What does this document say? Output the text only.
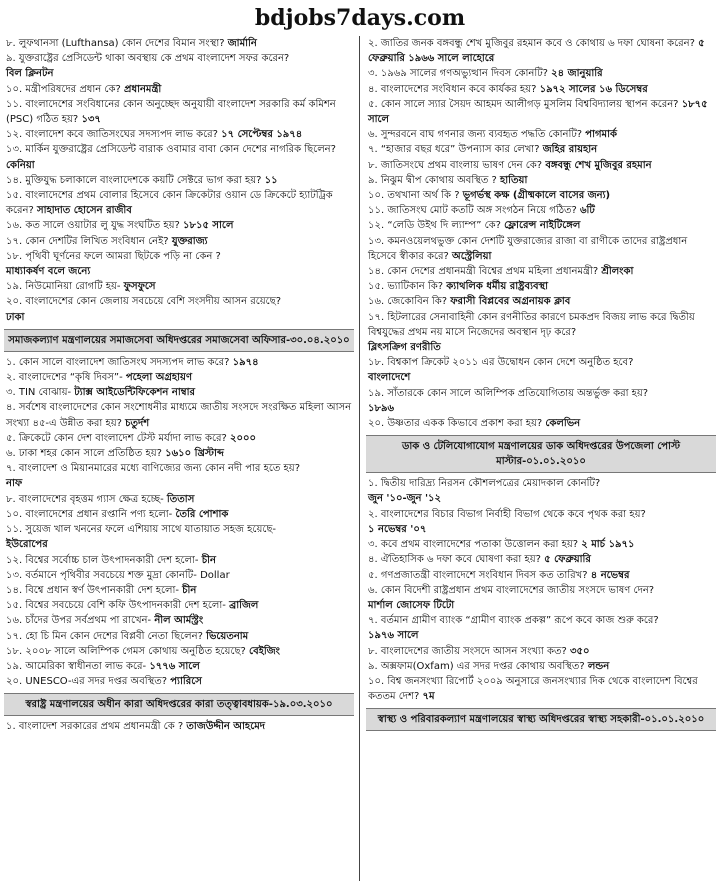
bdjobs7days.com

৮. লুফথানসা (Lufthansa) কোন দেশের বিমান সংস্থা? জার্মানি

৯. যুক্তরাষ্ট্রের প্রেসিডেন্ট থাকা অবস্থায় কে প্রথম বাংলাদেশ সফর করেন?

বিল ক্লিনটন

১০. মন্ত্রীপরিষদের প্রধান কে? প্রধানমন্ত্রী

১১. বাংলাদেশের সংবিধানের কোন অনুচ্ছেদ অনুযায়ী বাংলাদেশ সরকারি কর্ম কমিশন (PSC) গঠিত হয়? ১৩৭

১২. বাংলাদেশ কবে জাতিসংঘের সদস্যপদ লাভ করে? ১৭ সেপ্টেম্বর ১৯৭৪

১৩. মার্কিন যুক্তরাষ্ট্রের প্রেসিডেন্ট বারাক ওবামার বাবা কোন দেশের নাগরিক ছিলেন? কেনিয়া

১৪. মুক্তিযুদ্ধ চলাকালে বাংলাদেশকে কয়টি সেক্টরে ভাগ করা হয়? ১১

১৫. বাংলাদেশের প্রথম বোলার হিসেবে কোন ক্রিকেটার ওয়ান ডে ক্রিকেটে হ্যাটট্রিক করেন? সাহাদাত হোসেন রাজীব

১৬. কত সালে ওয়াটার লু যুদ্ধ সংঘটিত হয়? ১৮১৫ সালে

১৭. কোন দেশটির লিখিত সংবিধান নেই? যুক্তরাজ্য

১৮. পৃথিবী ঘূর্ণনের ফলে আমরা ছিটকে পড়ি না কেন ?

মাধ্যাকর্ষণ বলে জন্যে

১৯. নিউমোনিয়া রোগটি হয়- ফুসফুসে

২০. বাংলাদেশের কোন জেলায় সবচেয়ে বেশি সংসদীয় আসন রয়েছে?

ঢাকা

সমাজকল্যাণ মন্ত্রণালয়ের সমাজসেবা অধিদপ্তরের সমাজসেবা অফিসার-৩০.০৪.২০১০

১. কোন সালে বাংলাদেশ জাতিসংঘ সদস্যপদ লাভ করে? ১৯৭৪

২. বাংলাদেশের “কৃষি দিবস”- পহেলা অগ্রহায়ণ

৩. TIN বোঝায়- ট্যাক্স আইডেন্টিফিকেশন নাম্বার

৪. সর্বশেষ বাংলাদেশের কোন সংশোধনীর মাধ্যমে জাতীয় সংসদে সংরক্ষিত মহিলা আসন সংখ্যা ৪৫-এ উন্নীত করা হয়? চতুর্দশ

৫. ক্রিকেটে কোন দেশ বাংলাদেশ টেস্ট মর্যাদা লাভ করে? ২০০০

৬. ঢাকা শহর কোন সালে প্রতিষ্ঠিত হয়? ১৬১০ খ্রিস্টাব্দ

৭. বাংলাদেশ ও মিয়ানমারের মধ্যে বাণিজ্যের জন্য কোন নদী পার হতে হয়?

নাফ

৮. বাংলাদেশের বৃহত্তম গ্যাস ক্ষেত্র হচ্ছে- তিতাস

১০. বাংলাদেশের প্রধান রপ্তানি পণ্য হলো- তৈরি পোশাক

১১. সুয়েজ খাল খননের ফলে এশিয়ায় সাথে যাতায়াত সহজ হয়েছে-

ইউরোপের

১২. বিশ্বের সর্বোচ্চ চাল উৎপাদনকারী দেশ হলো- চীন

১৩. বর্তমানে পৃথিবীর সবচেয়ে শক্ত মুদ্রা কোনটি- Dollar

১৪. বিশ্বে প্রধান স্বর্ণ উৎপানকারী দেশ হলো- চীন

১৫. বিশ্বের সবচেয়ে বেশি কফি উৎপাদনকারী দেশ হলো- ব্রাজিল

১৬. চাঁদের উপর সর্বপ্রথম পা রাখেন- নীল আর্মস্ট্রং

১৭. হো চি মিন কোন দেশের বিপ্লবী নেতা ছিলেন? ভিয়েতনাম

১৮. ২০০৮ সালে অলিম্পিক গেমস কোথায় অনুষ্ঠিত হয়েছে? বেইজিং

১৯. আমেরিকা স্বাধীনতা লাভ করে- ১৭৭৬ সালে

২০. UNESCO-এর সদর দপ্তর অবস্থিত? প্যারিসে

স্বরাষ্ট্র মন্ত্রণালয়ের অধীন কারা অধিদপ্তরের কারা তত্ত্বাবধায়ক-১৯.০৩.২০১০

১. বাংলাদেশ সরকারের প্রথম প্রধানমন্ত্রী কে ? তাজউদ্দীন আহমেদ

২. জাতির জনক বঙ্গবন্ধু শেখ মুজিবুর রহমান কবে ও কোথায় ৬ দফা ঘোষনা করেন? ৫ ফেব্রুয়ারি ১৯৬৬ সালে লাহোরে

৩. ১৯৬৯ সালের গণঅভ্যুত্থান দিবস কোনটি? ২৪ জানুয়ারি

৪. বাংলাদেশের সংবিধান কবে কার্যকর হয়? ১৯৭২ সালের ১৬ ডিসেম্বর

৫. কোন সালে স্যার সৈয়দ আহমদ আলীগড় মুসলিম বিশ্ববিদ্যালয় স্থাপন করেন? ১৮৭৫ সালে

৬. সুন্দরবনে বাঘ গণনার জন্য ব্যবহৃত পদ্ধতি কোনটি? পাগমার্ক

৭. “হাজার বছর ধরে” উপন্যাস কার লেখা? জহির রায়হান

৮. জাতিসংঘে প্রথম বাংলায় ভাষণ দেন কে? বঙ্গবন্ধু শেখ মুজিবুর রহমান

৯. নিঝুম দ্বীপ কোথায় অবস্থিত ? হাতিয়া

১০. তথখানা অর্থ কি ? ভূগর্ভস্থ কক্ষ (গ্রীষ্মকালে বাসের জন্য)

১১. জাতিসংঘ মোট কতটি অঙ্গ সংগঠন নিয়ে গঠিত? ৬টি

১২. “লেডি উইথ দি ল্যাম্প” কে? ফ্লোরেন্স নাইটিঙ্গেল

১৩. কমনওয়েলথভুক্ত কোন দেশটি যুক্তরাজ্যের রাজা বা রাণীকে তাদের রাষ্ট্রপ্রধান হিসেবে স্বীকার করে? অস্ট্রেলিয়া

১৪. কোন দেশের প্রধানমন্ত্রী বিশ্বের প্রথম মহিলা প্রধানমন্ত্রী? শ্রীলংকা

১৫. ভ্যাটিকান কি? ক্যাথলিক ধর্মীয় রাষ্ট্রব্যবস্থা

১৬. জেকোবিন কি? ফরাসী বিপ্লবের অগ্রনায়ক ক্লাব

১৭. হিটলারের সেনাবাহিনী কোন রণনীতির কারণে চমকপ্রদ বিজয় লাভ করে দ্বিতীয় বিশ্বযুদ্ধের প্রথম নয় মাসে নিজেদের অবস্থান দৃঢ় করে?

ব্লিৎসক্রিগ রণরীতি

১৮. বিশ্বকাপ ক্রিকেট ২০১১ এর উদ্বোধন কোন দেশে অনুষ্ঠিত হবে?

বাংলাদেশে

১৯. সাঁতারকে কোন সালে অলিম্পিক প্রতিযোগিতায় অন্তর্ভুক্ত করা হয়?

১৮৯৬

২০. উষ্ণতার একক কিভাবে প্রকাশ করা হয়? কেলভিন

ডাক ও টেলিযোগাযোগ মন্ত্রণালয়ের ডাক অধিদপ্তরের উপজেলা পোস্ট মাস্টার-০১.০১.২০১০

১. দ্বিতীয় দারিদ্র্য নিরসন কৌশলপত্রের মেয়াদকাল কোনটি?

জুন '১০-জুন '১২

২. বাংলাদেশের বিচার বিভাগ নির্বাহী বিভাগ থেকে কবে পৃথক করা হয়?

১ নভেম্বর '০৭

৩. কবে প্রথম বাংলাদেশের পতাকা উত্তোলন করা হয়? ২ মার্চ ১৯৭১

৪. ঐতিহাসিক ৬ দফা কবে ঘোষণা করা হয়? ৫ ফেব্রুয়ারি

৫. গণপ্রজাতন্ত্রী বাংলাদেশে সংবিধান দিবস কত তারিখ? ৪ নভেম্বর

৬. কোন বিদেশী রাষ্ট্রপ্রধান প্রথম বাংলাদেশের জাতীয় সংসদে ভাষণ দেন?

মার্শাল জোসেফ টিটো

৭. বর্তমান গ্রামীণ ব্যাংক “গ্রামীণ ব্যাংক প্রকল্প” রূপে কবে কাজ শুরু করে?

১৯৭৬ সালে

৮. বাংলাদেশের জাতীয় সংসদে আসন সংখ্যা কত? ৩৫০

৯. অক্সফাম(Oxfam) এর সদর দপ্তর কোথায় অবস্থিত? লন্ডন

১০. বিশ্ব জনসংখ্যা রিপোর্ট ২০০৯ অনুসারে জনসংখ্যার দিক থেকে বাংলাদেশ বিশ্বের কততম দেশ? ৭ম

স্বাস্থ্য ও পরিবারকল্যাণ মন্ত্রণালয়ের স্বাস্থ্য অধিদপ্তরের স্বাস্থ্য সহকারী-০১.০১.২০১০
